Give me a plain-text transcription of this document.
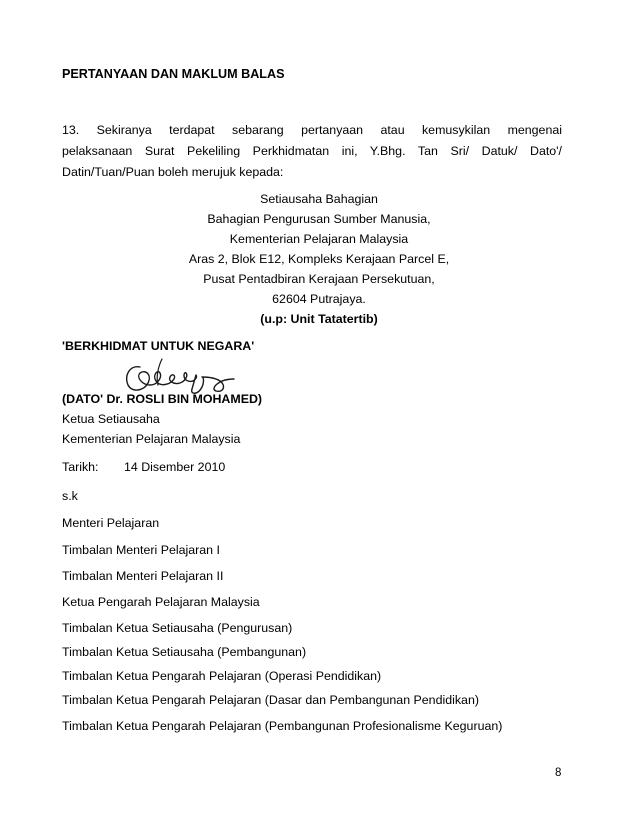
PERTANYAAN DAN MAKLUM BALAS
13. Sekiranya terdapat sebarang pertanyaan atau kemusykilan mengenai
pelaksanaan Surat Pekeliling Perkhidmatan ini, Y.Bhg. Tan Sri/ Datuk/ Dato'/
Datin/Tuan/Puan boleh merujuk kepada:
Setiausaha Bahagian
Bahagian Pengurusan Sumber Manusia,
Kementerian Pelajaran Malaysia
Aras 2, Blok E12, Kompleks Kerajaan Parcel E,
Pusat Pentadbiran Kerajaan Persekutuan,
62604 Putrajaya.
(u.p: Unit Tatatertib)
'BERKHIDMAT UNTUK NEGARA'
(DATO' Dr. ROSLI BIN MOHAMED)
Ketua Setiausaha
Kementerian Pelajaran Malaysia
Tarikh: 14 Disember 2010
s.k
Menteri Pelajaran
Timbalan Menteri Pelajaran I
Timbalan Menteri Pelajaran II
Ketua Pengarah Pelajaran Malaysia
Timbalan Ketua Setiausaha (Pengurusan)
Timbalan Ketua Setiausaha (Pembangunan)
Timbalan Ketua Pengarah Pelajaran (Operasi Pendidikan)
Timbalan Ketua Pengarah Pelajaran (Dasar dan Pembangunan Pendidikan)
Timbalan Ketua Pengarah Pelajaran (Pembangunan Profesionalisme Keguruan)
8
